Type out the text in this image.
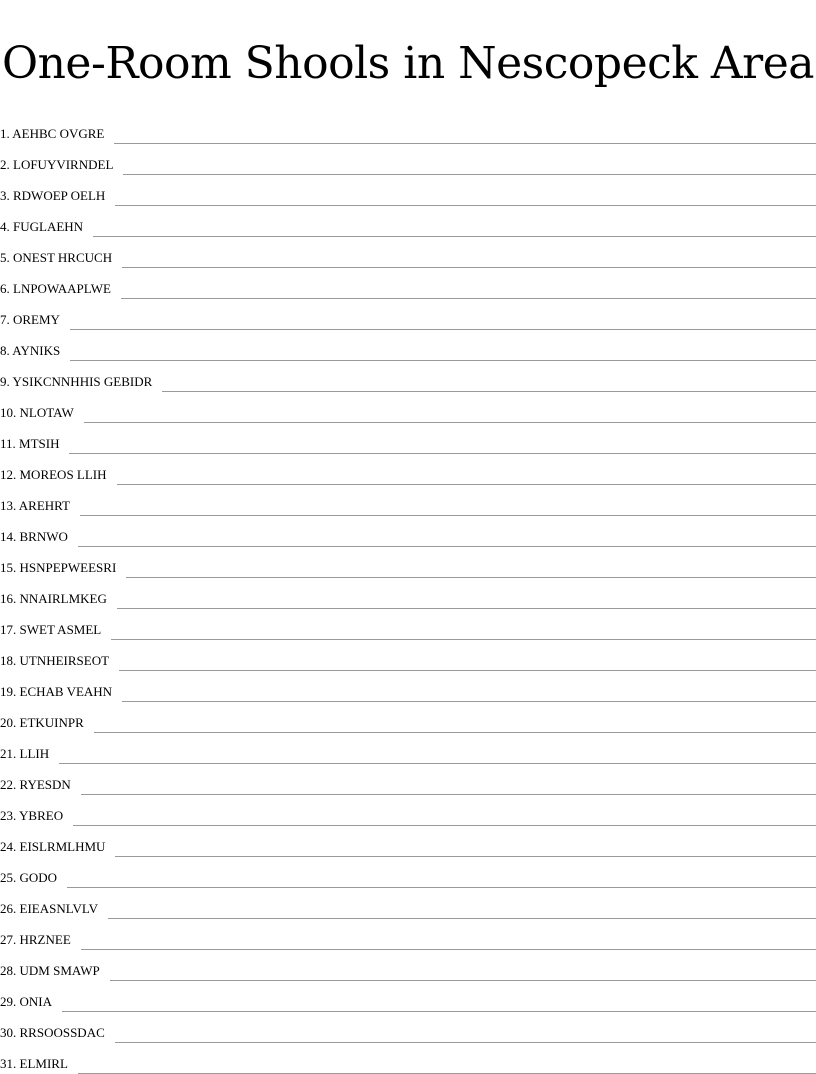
One-Room Shools in Nescopeck Area
1. AEHBC OVGRE
2. LOFUYVIRNDEL
3. RDWOEP OELH
4. FUGLAEHN
5. ONEST HRCUCH
6. LNPOWAAPLWE
7. OREMY
8. AYNIKS
9. YSIKCNNHHIS GEBIDR
10. NLOTAW
11. MTSIH
12. MOREOS LLIH
13. AREHRT
14. BRNWO
15. HSNPEPWEESRI
16. NNAIRLMKEG
17. SWET ASMEL
18. UTNHEIRSEOT
19. ECHAB VEAHN
20. ETKUINPR
21. LLIH
22. RYESDN
23. YBREO
24. EISLRMLHMU
25. GODO
26. EIEASNLVLV
27. HRZNEE
28. UDM SMAWP
29. ONIA
30. RRSOOSSDAC
31. ELMIRL
